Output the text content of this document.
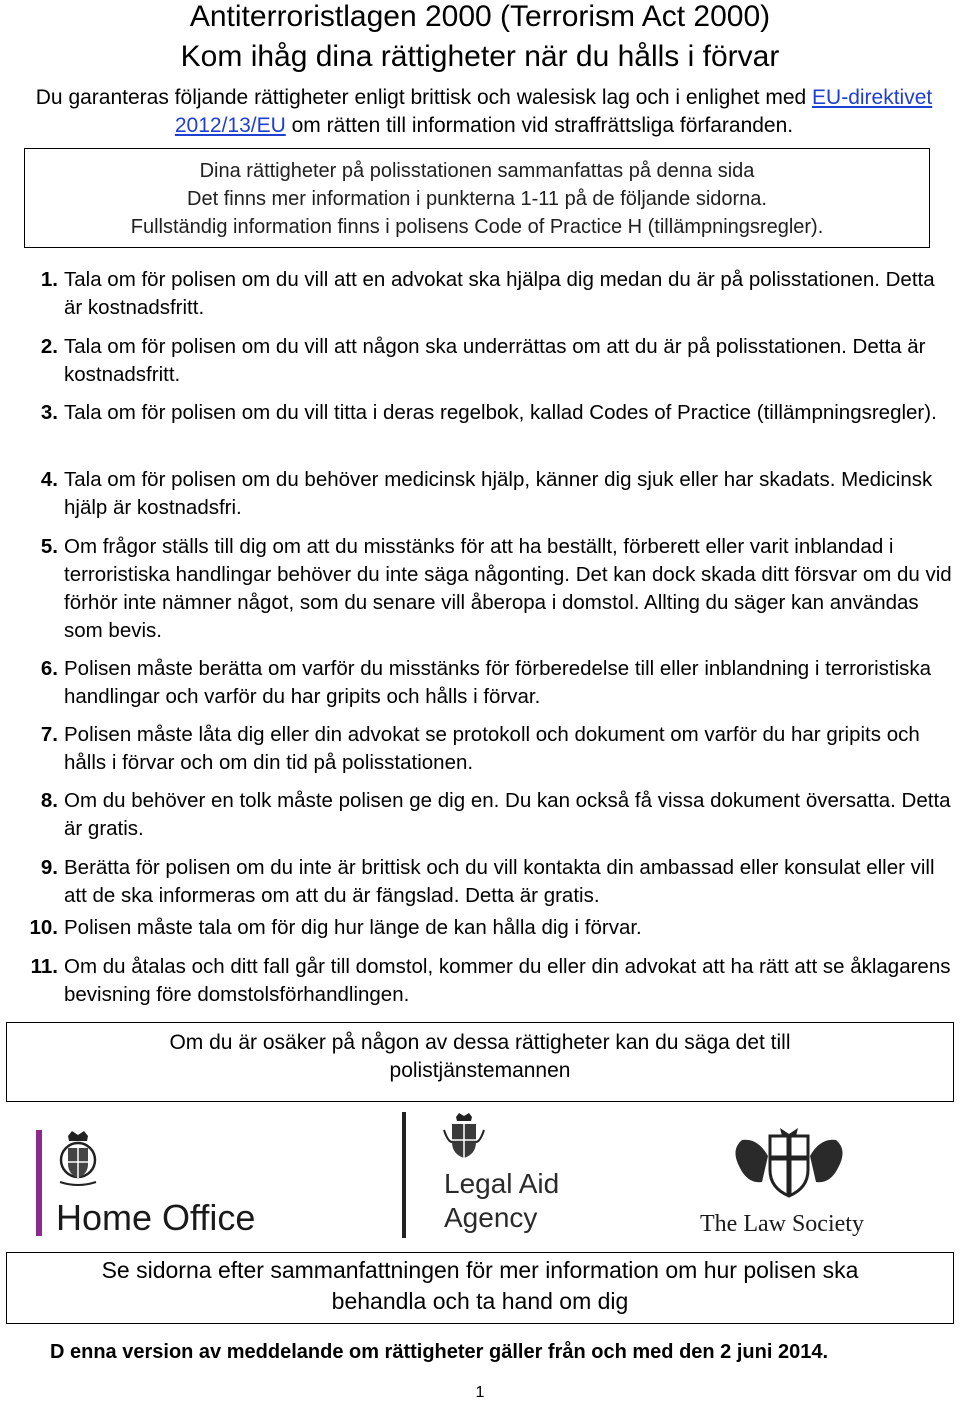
Antiterroristlagen 2000 (Terrorism Act 2000)
Kom ihåg dina rättigheter när du hålls i förvar
Du garanteras följande rättigheter enligt brittisk och walesisk lag och i enlighet med EU-direktivet 2012/13/EU om rätten till information vid straffrättsliga förfaranden.
Dina rättigheter på polisstationen sammanfattas på denna sida
Det finns mer information i punkterna 1-11 på de följande sidorna.
Fullständig information finns i polisens Code of Practice H (tillämpningsregler).
1. Tala om för polisen om du vill att en advokat ska hjälpa dig medan du är på polisstationen. Detta är kostnadsfritt.
2. Tala om för polisen om du vill att någon ska underrättas om att du är på polisstationen. Detta är kostnadsfritt.
3. Tala om för polisen om du vill titta i deras regelbok, kallad Codes of Practice (tillämpningsregler).
4. Tala om för polisen om du behöver medicinsk hjälp, känner dig sjuk eller har skadats. Medicinsk hjälp är kostnadsfri.
5. Om frågor ställs till dig om att du misstänks för att ha beställt, förberett eller varit inblandad i terroristiska handlingar behöver du inte säga någonting. Det kan dock skada ditt försvar om du vid förhör inte nämner något, som du senare vill åberopa i domstol. Allting du säger kan användas som bevis.
6. Polisen måste berätta om varför du misstänks för förberedelse till eller inblandning i terroristiska handlingar och varför du har gripits och hålls i förvar.
7. Polisen måste låta dig eller din advokat se protokoll och dokument om varför du har gripits och hålls i förvar och om din tid på polisstationen.
8. Om du behöver en tolk måste polisen ge dig en. Du kan också få vissa dokument översatta. Detta är gratis.
9. Berätta för polisen om du inte är brittisk och du vill kontakta din ambassad eller konsulat eller vill att de ska informeras om att du är fängslad. Detta är gratis.
10. Polisen måste tala om för dig hur länge de kan hålla dig i förvar.
11. Om du åtalas och ditt fall går till domstol, kommer du eller din advokat att ha rätt att se åklagarens bevisning före domstolsförhandlingen.
Om du är osäker på någon av dessa rättigheter kan du säga det till
polistjänstemannen
Home Office
Legal Aid
Agency	The Law Society
Se sidorna efter sammanfattningen för mer information om hur polisen ska
behandla och ta hand om dig
D enna version av meddelande om rättigheter gäller från och med den 2 juni 2014.
1
